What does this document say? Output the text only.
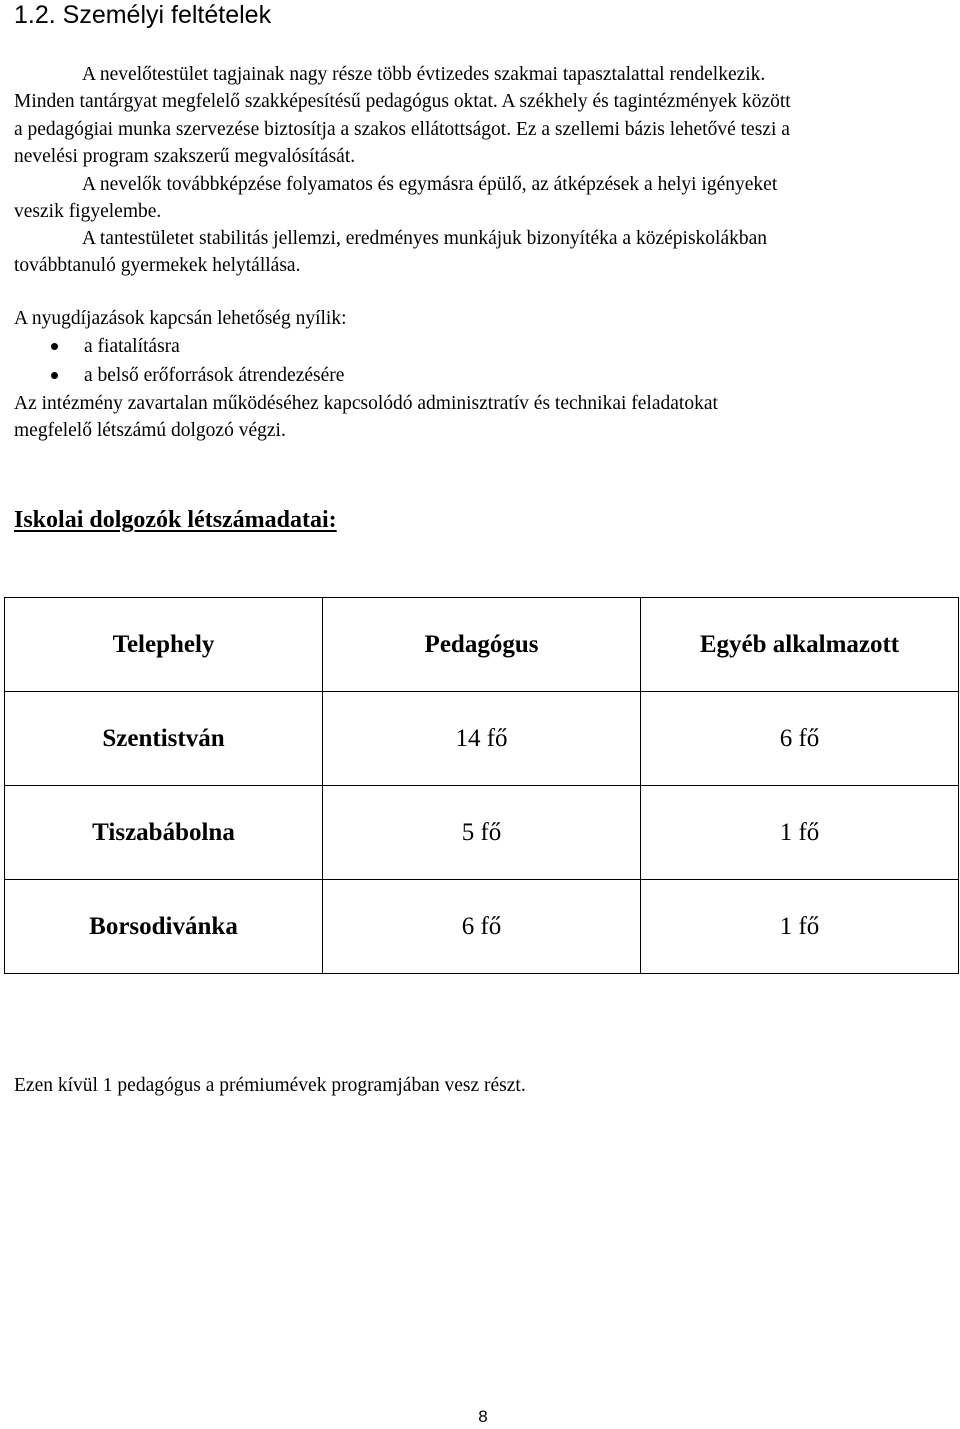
1.2. Személyi feltételek

A nevelőtestület tagjainak nagy része több évtizedes szakmai tapasztalattal rendelkezik.
Minden tantárgyat megfelelő szakképesítésű pedagógus oktat. A székhely és tagintézmények között
a pedagógiai munka szervezése biztosítja a szakos ellátottságot. Ez a szellemi bázis lehetővé teszi a
nevelési program szakszerű megvalósítását.

A nevelők továbbképzése folyamatos és egymásra épülő, az átképzések a helyi igényeket
veszik figyelembe.

A tantestületet stabilitás jellemzi, eredményes munkájuk bizonyítéka a középiskolákban
továbbtanuló gyermekek helytállása.

A nyugdíjazások kapcsán lehetőség nyílik:

a fiatalításra
a belső erőforrások átrendezésére

Az intézmény zavartalan működéséhez kapcsolódó adminisztratív és technikai feladatokat
megfelelő létszámú dolgozó végzi.

Iskolai dolgozók létszámadatai:
Telephely	Pedagógus	Egyéb alkalmazott
Szentistván	14 fő	6 fő
Tiszabábolna	5 fő	1 fő
Borsodivánka	6 fő	1 fő
Ezen kívül 1 pedagógus a prémiumévek programjában vesz részt.
8
